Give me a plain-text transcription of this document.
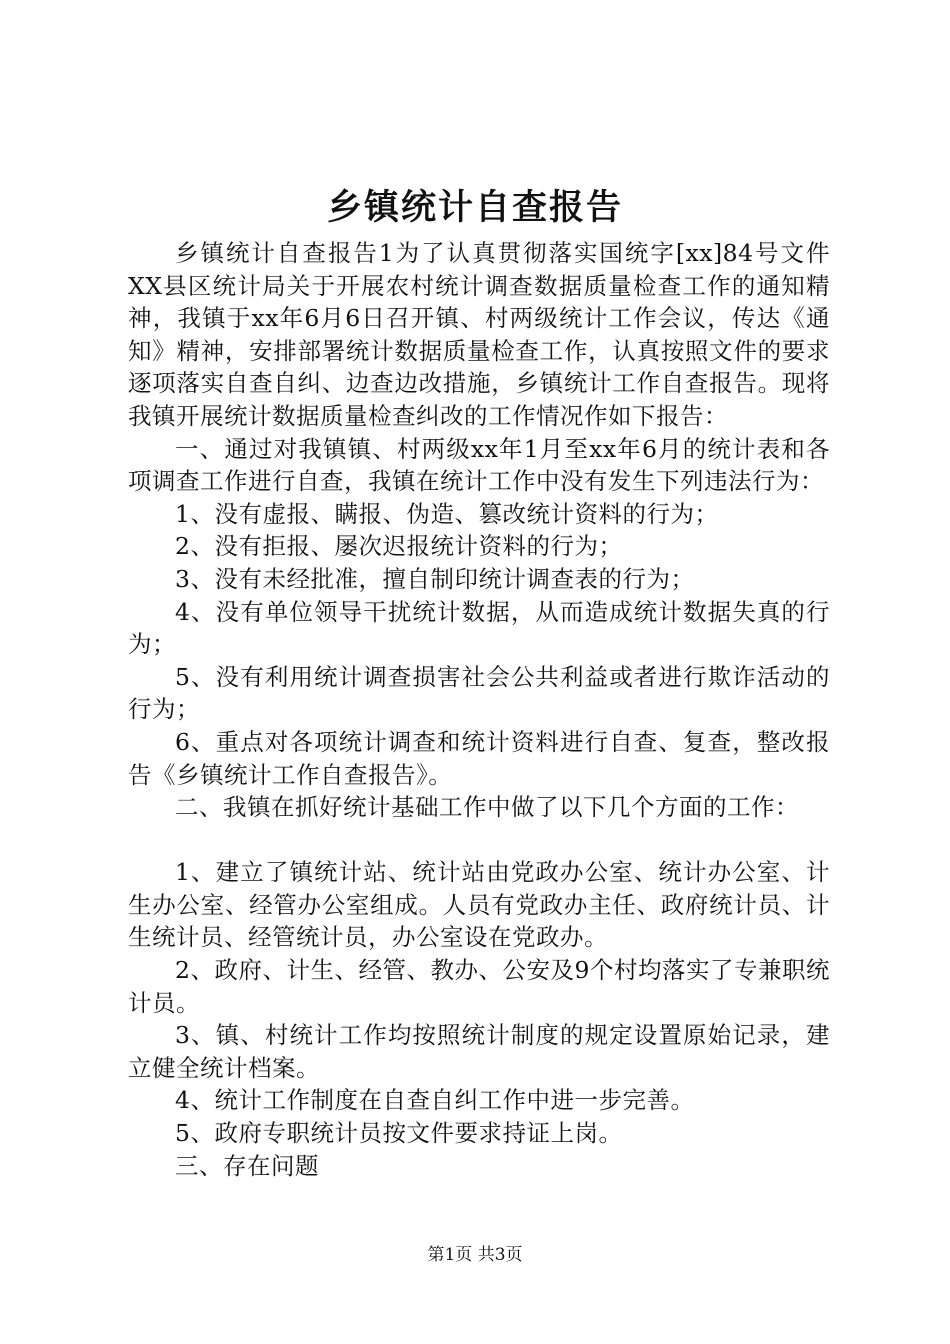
乡镇统计自查报告

乡镇统计自查报告1为了认真贯彻落实国统字[xx]84号文件XX县区统计局关于开展农村统计调查数据质量检查工作的通知精神，我镇于xx年6月6日召开镇、村两级统计工作会议，传达《通知》精神，安排部署统计数据质量检查工作，认真按照文件的要求逐项落实自查自纠、边查边改措施，乡镇统计工作自查报告。现将我镇开展统计数据质量检查纠改的工作情况作如下报告：

一、通过对我镇镇、村两级xx年1月至xx年6月的统计表和各项调查工作进行自查，我镇在统计工作中没有发生下列违法行为：

1、没有虚报、瞒报、伪造、篡改统计资料的行为；

2、没有拒报、屡次迟报统计资料的行为；

3、没有未经批准，擅自制印统计调查表的行为；

4、没有单位领导干扰统计数据，从而造成统计数据失真的行为；

5、没有利用统计调查损害社会公共利益或者进行欺诈活动的行为；

6、重点对各项统计调查和统计资料进行自查、复查，整改报告《乡镇统计工作自查报告》。

二、我镇在抓好统计基础工作中做了以下几个方面的工作：

1、建立了镇统计站、统计站由党政办公室、统计办公室、计生办公室、经管办公室组成。人员有党政办主任、政府统计员、计生统计员、经管统计员，办公室设在党政办。

2、政府、计生、经管、教办、公安及9个村均落实了专兼职统计员。

3、镇、村统计工作均按照统计制度的规定设置原始记录，建立健全统计档案。

4、统计工作制度在自查自纠工作中进一步完善。

5、政府专职统计员按文件要求持证上岗。

三、存在问题

第1页 共3页
